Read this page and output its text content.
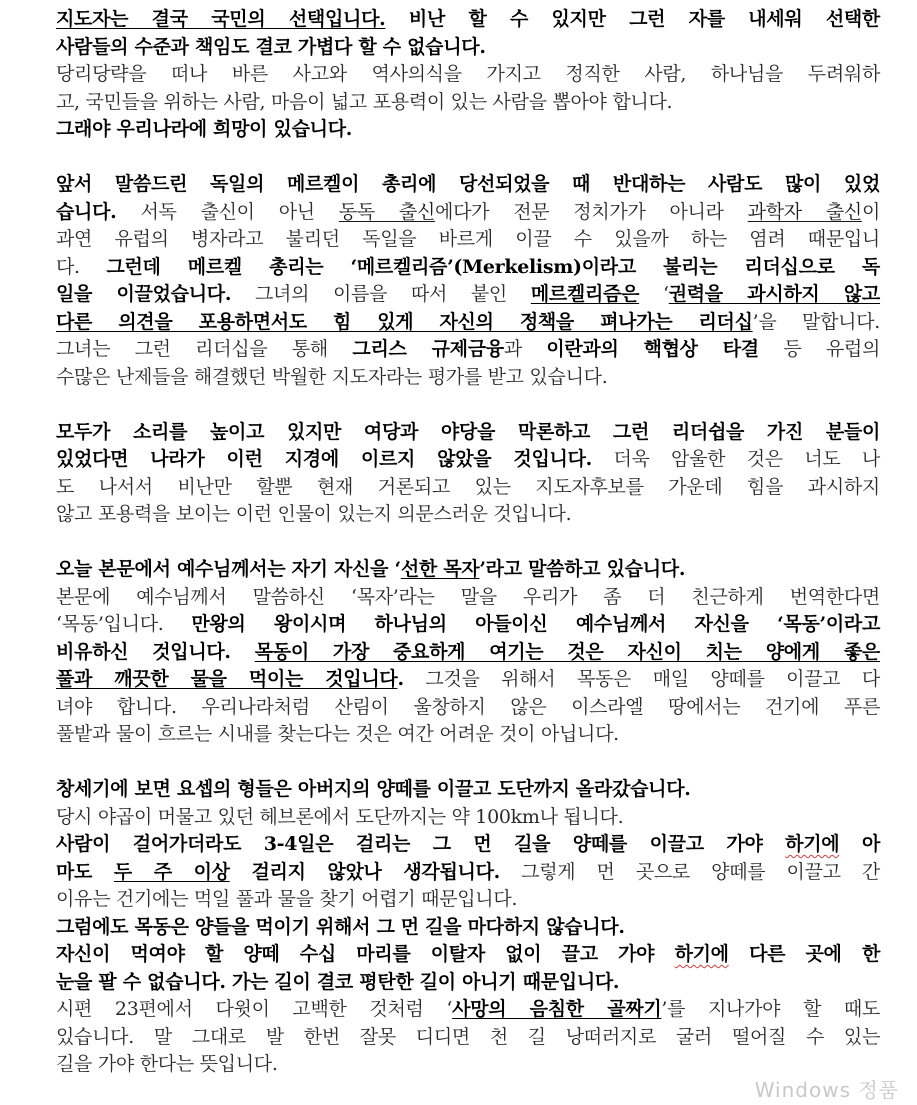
지도자는 결국 국민의 선택입니다. 비난 할 수 있지만 그런 자를 내세워 선택한
사람들의 수준과 책임도 결코 가볍다 할 수 없습니다.
당리당략을 떠나 바른 사고와 역사의식을 가지고 정직한 사람, 하나님을 두려워하
고, 국민들을 위하는 사람, 마음이 넓고 포용력이 있는 사람을 뽑아야 합니다.
그래야 우리나라에 희망이 있습니다.
앞서 말씀드린 독일의 메르켈이 총리에 당선되었을 때 반대하는 사람도 많이 있었
습니다. 서독 출신이 아닌 동독 출신에다가 전문 정치가가 아니라 과학자 출신이
과연 유럽의 병자라고 불리던 독일을 바르게 이끌 수 있을까 하는 염려 때문입니
다. 그런데 메르켈 총리는 ‘메르켈리즘’(Merkelism)이라고 불리는 리더십으로 독
일을 이끌었습니다. 그녀의 이름을 따서 붙인 메르켈리즘은 ‘권력을 과시하지 않고
다른 의견을 포용하면서도 힘 있게 자신의 정책을 펴나가는 리더십’을 말합니다.
그녀는 그런 리더십을 통해 그리스 규제금융과 이란과의 핵협상 타결 등 유럽의
수많은 난제들을 해결했던 박월한 지도자라는 평가를 받고 있습니다.
모두가 소리를 높이고 있지만 여당과 야당을 막론하고 그런 리더쉽을 가진 분들이
있었다면 나라가 이런 지경에 이르지 않았을 것입니다. 더욱 암울한 것은 너도 나
도 나서서 비난만 할뿐 현재 거론되고 있는 지도자후보를 가운데 힘을 과시하지
않고 포용력을 보이는 이런 인물이 있는지 의문스러운 것입니다.
오늘 본문에서 예수님께서는 자기 자신을 ‘선한 목자’라고 말씀하고 있습니다.
본문에 예수님께서 말씀하신 ‘목자’라는 말을 우리가 좀 더 친근하게 번역한다면
‘목동’입니다. 만왕의 왕이시며 하나님의 아들이신 예수님께서 자신을 ‘목동’이라고
비유하신 것입니다. 목동이 가장 중요하게 여기는 것은 자신이 치는 양에게 좋은
풀과 깨끗한 물을 먹이는 것입니다. 그것을 위해서 목동은 매일 양떼를 이끌고 다
녀야 합니다. 우리나라처럼 산림이 울창하지 않은 이스라엘 땅에서는 건기에 푸른
풀밭과 물이 흐르는 시내를 찾는다는 것은 여간 어려운 것이 아닙니다.
창세기에 보면 요셉의 형들은 아버지의 양떼를 이끌고 도단까지 올라갔습니다.
당시 야곱이 머물고 있던 헤브론에서 도단까지는 약 100km나 됩니다.
사람이 걸어가더라도 3-4일은 걸리는 그 먼 길을 양떼를 이끌고 가야 하기에 아
마도 두 주 이상 걸리지 않았나 생각됩니다. 그렇게 먼 곳으로 양떼를 이끌고 간
이유는 건기에는 먹일 풀과 물을 찾기 어렵기 때문입니다.
그럼에도 목동은 양들을 먹이기 위해서 그 먼 길을 마다하지 않습니다.
자신이 먹여야 할 양떼 수십 마리를 이탈자 없이 끌고 가야 하기에 다른 곳에 한
눈을 팔 수 없습니다. 가는 길이 결코 평탄한 길이 아니기 때문입니다.
시편 23편에서 다윗이 고백한 것처럼 ‘사망의 음침한 골짜기’를 지나가야 할 때도
있습니다. 말 그대로 발 한번 잘못 디디면 천 길 낭떠러지로 굴러 떨어질 수 있는
길을 가야 한다는 뜻입니다.
Windows 정품
